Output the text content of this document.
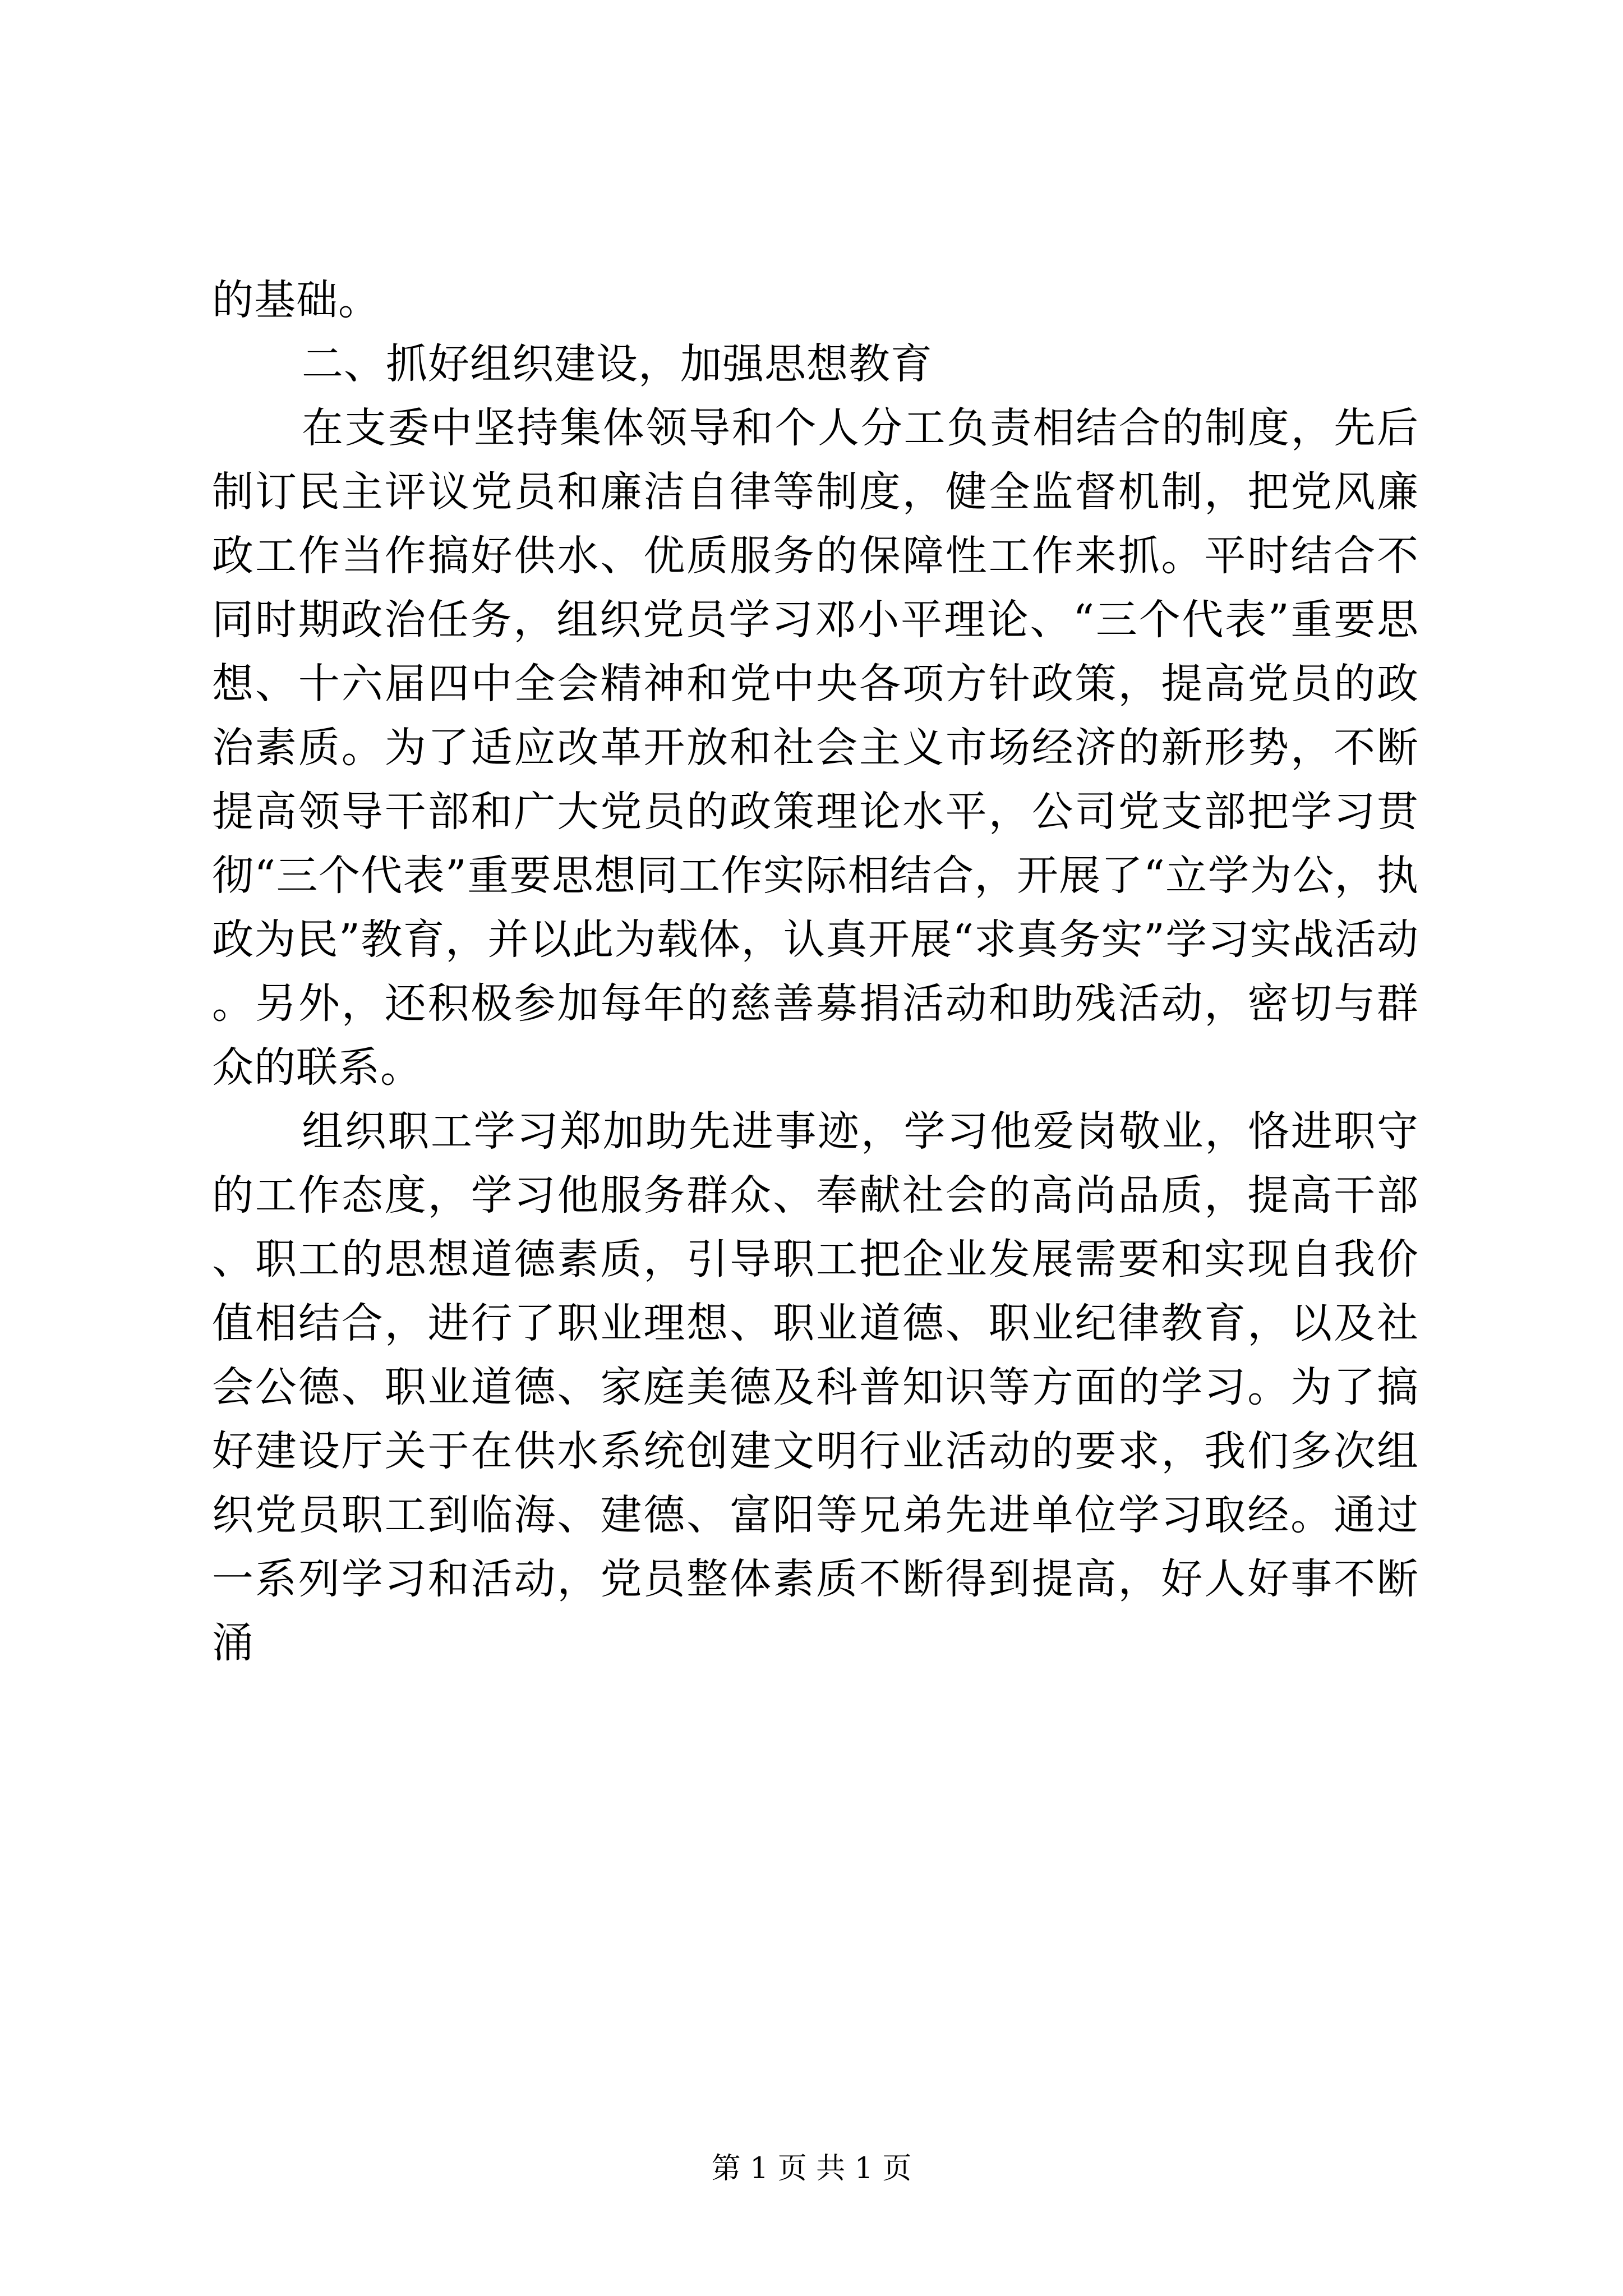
的基础。

二、抓好组织建设，加强思想教育

在支委中坚持集体领导和个人分工负责相结合的制度，先后制订民主评议党员和廉洁自律等制度，健全监督机制，把党风廉政工作当作搞好供水、优质服务的保障性工作来抓。平时结合不同时期政治任务，组织党员学习邓小平理论、“三个代表”重要思想、十六届四中全会精神和党中央各项方针政策，提高党员的政治素质。为了适应改革开放和社会主义市场经济的新形势，不断提高领导干部和广大党员的政策理论水平，公司党支部把学习贯彻“三个代表”重要思想同工作实际相结合，开展了“立学为公，执政为民”教育，并以此为载体，认真开展“求真务实”学习实战活动。另外，还积极参加每年的慈善募捐活动和助残活动，密切与群众的联系。

组织职工学习郑加助先进事迹，学习他爱岗敬业，恪进职守的工作态度，学习他服务群众、奉献社会的高尚品质，提高干部、职工的思想道德素质，引导职工把企业发展需要和实现自我价值相结合，进行了职业理想、职业道德、职业纪律教育，以及社会公德、职业道德、家庭美德及科普知识等方面的学习。为了搞好建设厅关于在供水系统创建文明行业活动的要求，我们多次组织党员职工到临海、建德、富阳等兄弟先进单位学习取经。通过一系列学习和活动，党员整体素质不断得到提高，好人好事不断涌

第 1 页 共 1 页
